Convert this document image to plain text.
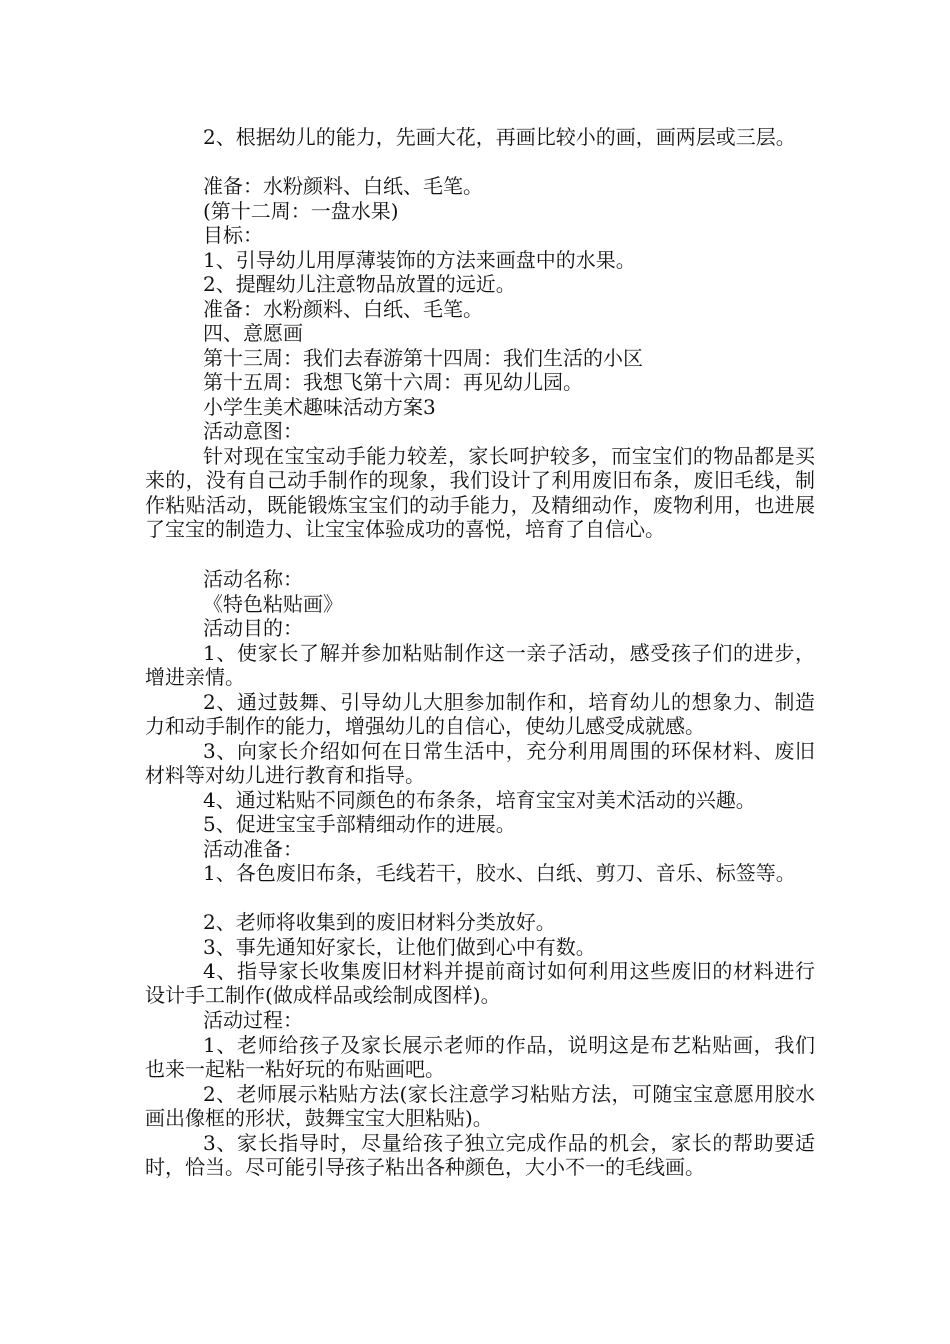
2、根据幼儿的能力，先画大花，再画比较小的画，画两层或三层。
准备：水粉颜料、白纸、毛笔。
(第十二周：一盘水果)
目标：
1、引导幼儿用厚薄装饰的方法来画盘中的水果。
2、提醒幼儿注意物品放置的远近。
准备：水粉颜料、白纸、毛笔。
四、意愿画
第十三周：我们去春游第十四周：我们生活的小区
第十五周：我想飞第十六周：再见幼儿园。
小学生美术趣味活动方案3
活动意图：
针对现在宝宝动手能力较差，家长呵护较多，而宝宝们的物品都是买来的，没有自己动手制作的现象，我们设计了利用废旧布条，废旧毛线，制作粘贴活动，既能锻炼宝宝们的动手能力，及精细动作，废物利用，也进展了宝宝的制造力、让宝宝体验成功的喜悦，培育了自信心。
活动名称：
《特色粘贴画》
活动目的：
1、使家长了解并参加粘贴制作这一亲子活动，感受孩子们的进步，增进亲情。
2、通过鼓舞、引导幼儿大胆参加制作和，培育幼儿的想象力、制造力和动手制作的能力，增强幼儿的自信心，使幼儿感受成就感。
3、向家长介绍如何在日常生活中，充分利用周围的环保材料、废旧材料等对幼儿进行教育和指导。
4、通过粘贴不同颜色的布条条，培育宝宝对美术活动的兴趣。
5、促进宝宝手部精细动作的进展。
活动准备：
1、各色废旧布条，毛线若干，胶水、白纸、剪刀、音乐、标签等。
2、老师将收集到的废旧材料分类放好。
3、事先通知好家长，让他们做到心中有数。
4、指导家长收集废旧材料并提前商讨如何利用这些废旧的材料进行设计手工制作(做成样品或绘制成图样)。
活动过程：
1、老师给孩子及家长展示老师的作品，说明这是布艺粘贴画，我们也来一起粘一粘好玩的布贴画吧。
2、老师展示粘贴方法(家长注意学习粘贴方法，可随宝宝意愿用胶水画出像框的形状，鼓舞宝宝大胆粘贴)。
3、家长指导时，尽量给孩子独立完成作品的机会，家长的帮助要适时，恰当。尽可能引导孩子粘出各种颜色，大小不一的毛线画。
